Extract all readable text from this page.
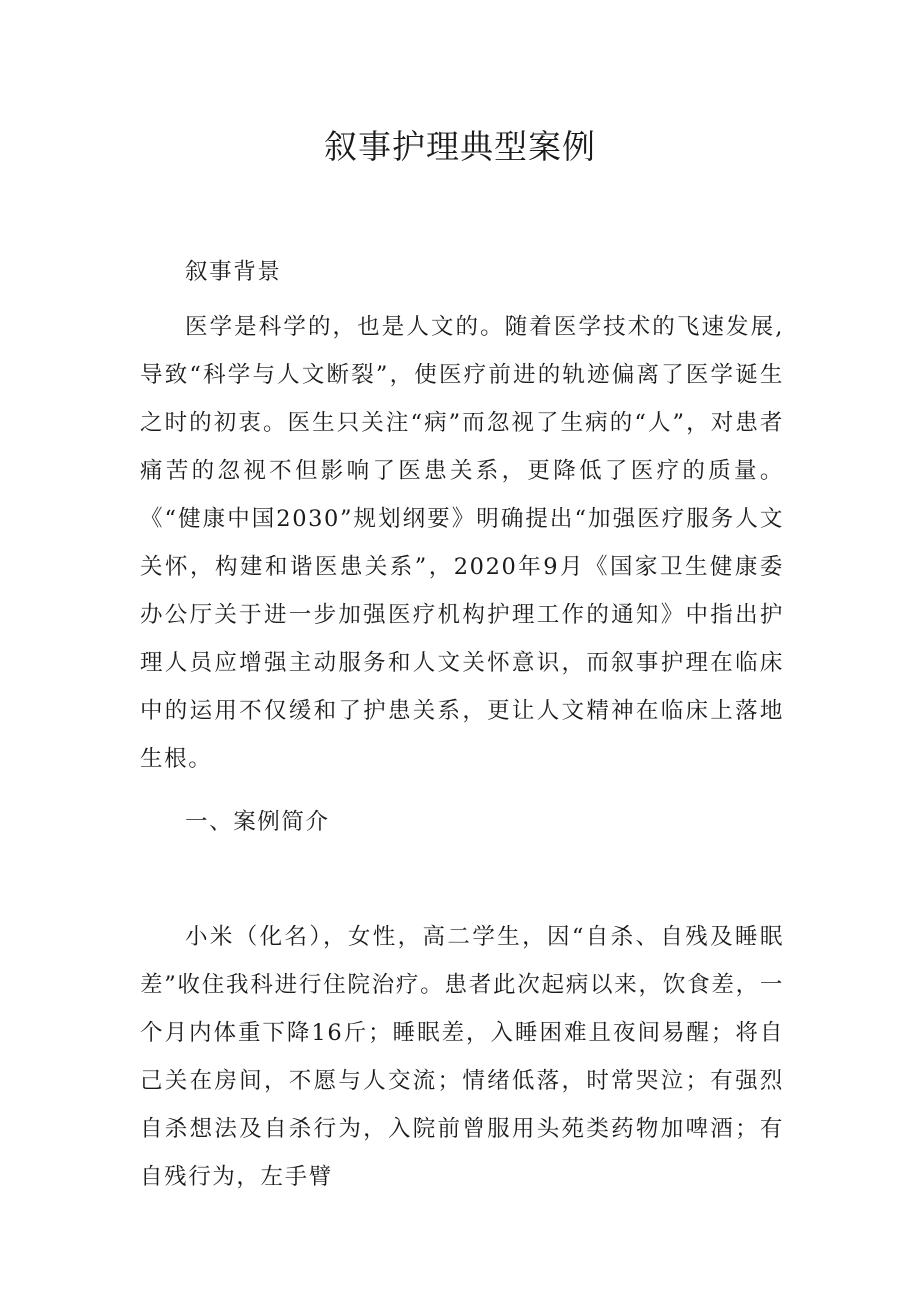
叙事护理典型案例
叙事背景

医学是科学的，也是人文的。随着医学技术的飞速发展,导致“科学与人文断裂”，使医疗前进的轨迹偏离了医学诞生之时的初衷。医生只关注“病”而忽视了生病的“人”，对患者痛苦的忽视不但影响了医患关系，更降低了医疗的质量。《“健康中国2030”规划纲要》明确提出“加强医疗服务人文关怀，构建和谐医患关系”，2020年9月《国家卫生健康委办公厅关于进一步加强医疗机构护理工作的通知》中指出护理人员应增强主动服务和人文关怀意识，而叙事护理在临床中的运用不仅缓和了护患关系，更让人文精神在临床上落地生根。

一、案例简介

小米（化名），女性，高二学生，因“自杀、自残及睡眠差”收住我科进行住院治疗。患者此次起病以来，饮食差，一个月内体重下降16斤；睡眠差，入睡困难且夜间易醒；将自己关在房间，不愿与人交流；情绪低落，时常哭泣；有强烈自杀想法及自杀行为，入院前曾服用头苑类药物加啤酒；有自残行为，左手臂
